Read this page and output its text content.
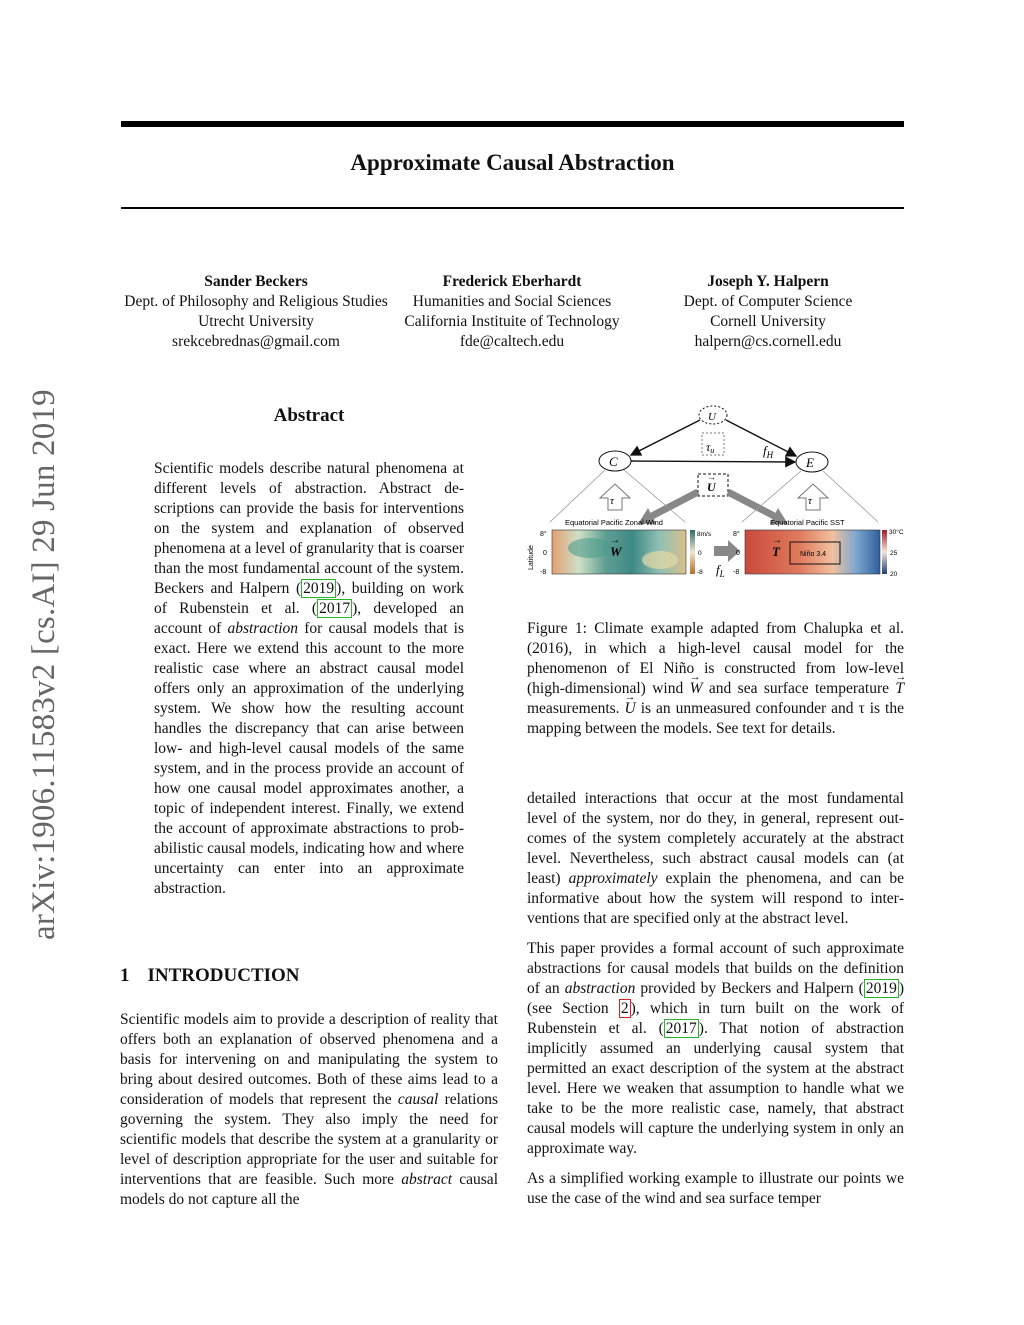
Approximate Causal Abstraction
Sander Beckers
Dept. of Philosophy and Religious Studies
Utrecht University
srekcebrednas@gmail.com
Frederick Eberhardt
Humanities and Social Sciences
California Instituite of Technology
fde@caltech.edu
Joseph Y. Halpern
Dept. of Computer Science
Cornell University
halpern@cs.cornell.edu
arXiv:1906.11583v2 [cs.AI] 29 Jun 2019	Abstract
Scientific models describe natural phenomena at different levels of abstraction. Abstract descriptions can provide the basis for interventions on the system and explanation of observed phenomena at a level of granularity that is coarser than the most fundamental account of the system. Beckers and Halpern ( 2019 ), building on work of Rubenstein et al. ( 2017 ), developed an account of abstraction for causal models that is exact. Here we extend this account to the more realistic case where an abstract causal model offers only an approximation of the underlying system. We show how the resulting account handles the discrepancy that can arise between low- and high-level causal models of the same system, and in the process provide an account of how one causal model approximates another, a topic of independent interest. Finally, we extend the account of approximate abstractions to probabilistic causal models, indicating how and where uncertainty can enter into an approximate abstraction.
1 INTRODUCTION
Scientific models aim to provide a description of reality that offers both an explanation of observed phenomena and a basis for intervening on and manipulating the system to bring about desired outcomes. Both of these aims lead to a consideration of models that represent the causal relations governing the system. They also imply the need for scientific models that describe the system at a granularity or level of description appropriate for the user and suitable for interventions that are feasible. Such more abstract causal models do not capture all the
U
C	E
$f_H$
τu
U
→
τ	τ
Equatorial Pacific Zonal Wind
W
→
Latitude
8°
0
-8
8m/s
0
-8 $f_L$
Equatorial Pacific SST
Niño 3.4
T
→
8°
0
-8
30°C
25
20
Figure 1: Climate example adapted from Chalupka et al. (2016), in which a high-level causal model for the phenomenon of El Niño is constructed from low-level (high-dimensional) wind → W and sea surface temperature → T measurements. → U is an unmeasured confounder and τ is the mapping between the models. See text for details.

detailed interactions that occur at the most fundamental level of the system, nor do they, in general, represent outcomes of the system completely accurately at the abstract level. Nevertheless, such abstract causal models can (at least) approximately explain the phenomena, and can be informative about how the system will respond to interventions that are specified only at the abstract level.

This paper provides a formal account of such approximate abstractions for causal models that builds on the definition of an abstraction provided by Beckers and Halpern ( 2019 ) (see Section 2 ), which in turn built on the work of Rubenstein et al. ( 2017 ). That notion of abstraction implicitly assumed an underlying causal system that permitted an exact description of the system at the abstract level. Here we weaken that assumption to handle what we take to be the more realistic case, namely, that abstract causal models will capture the underlying system in only an approximate way.

As a simplified working example to illustrate our points we use the case of the wind and sea surface temper
